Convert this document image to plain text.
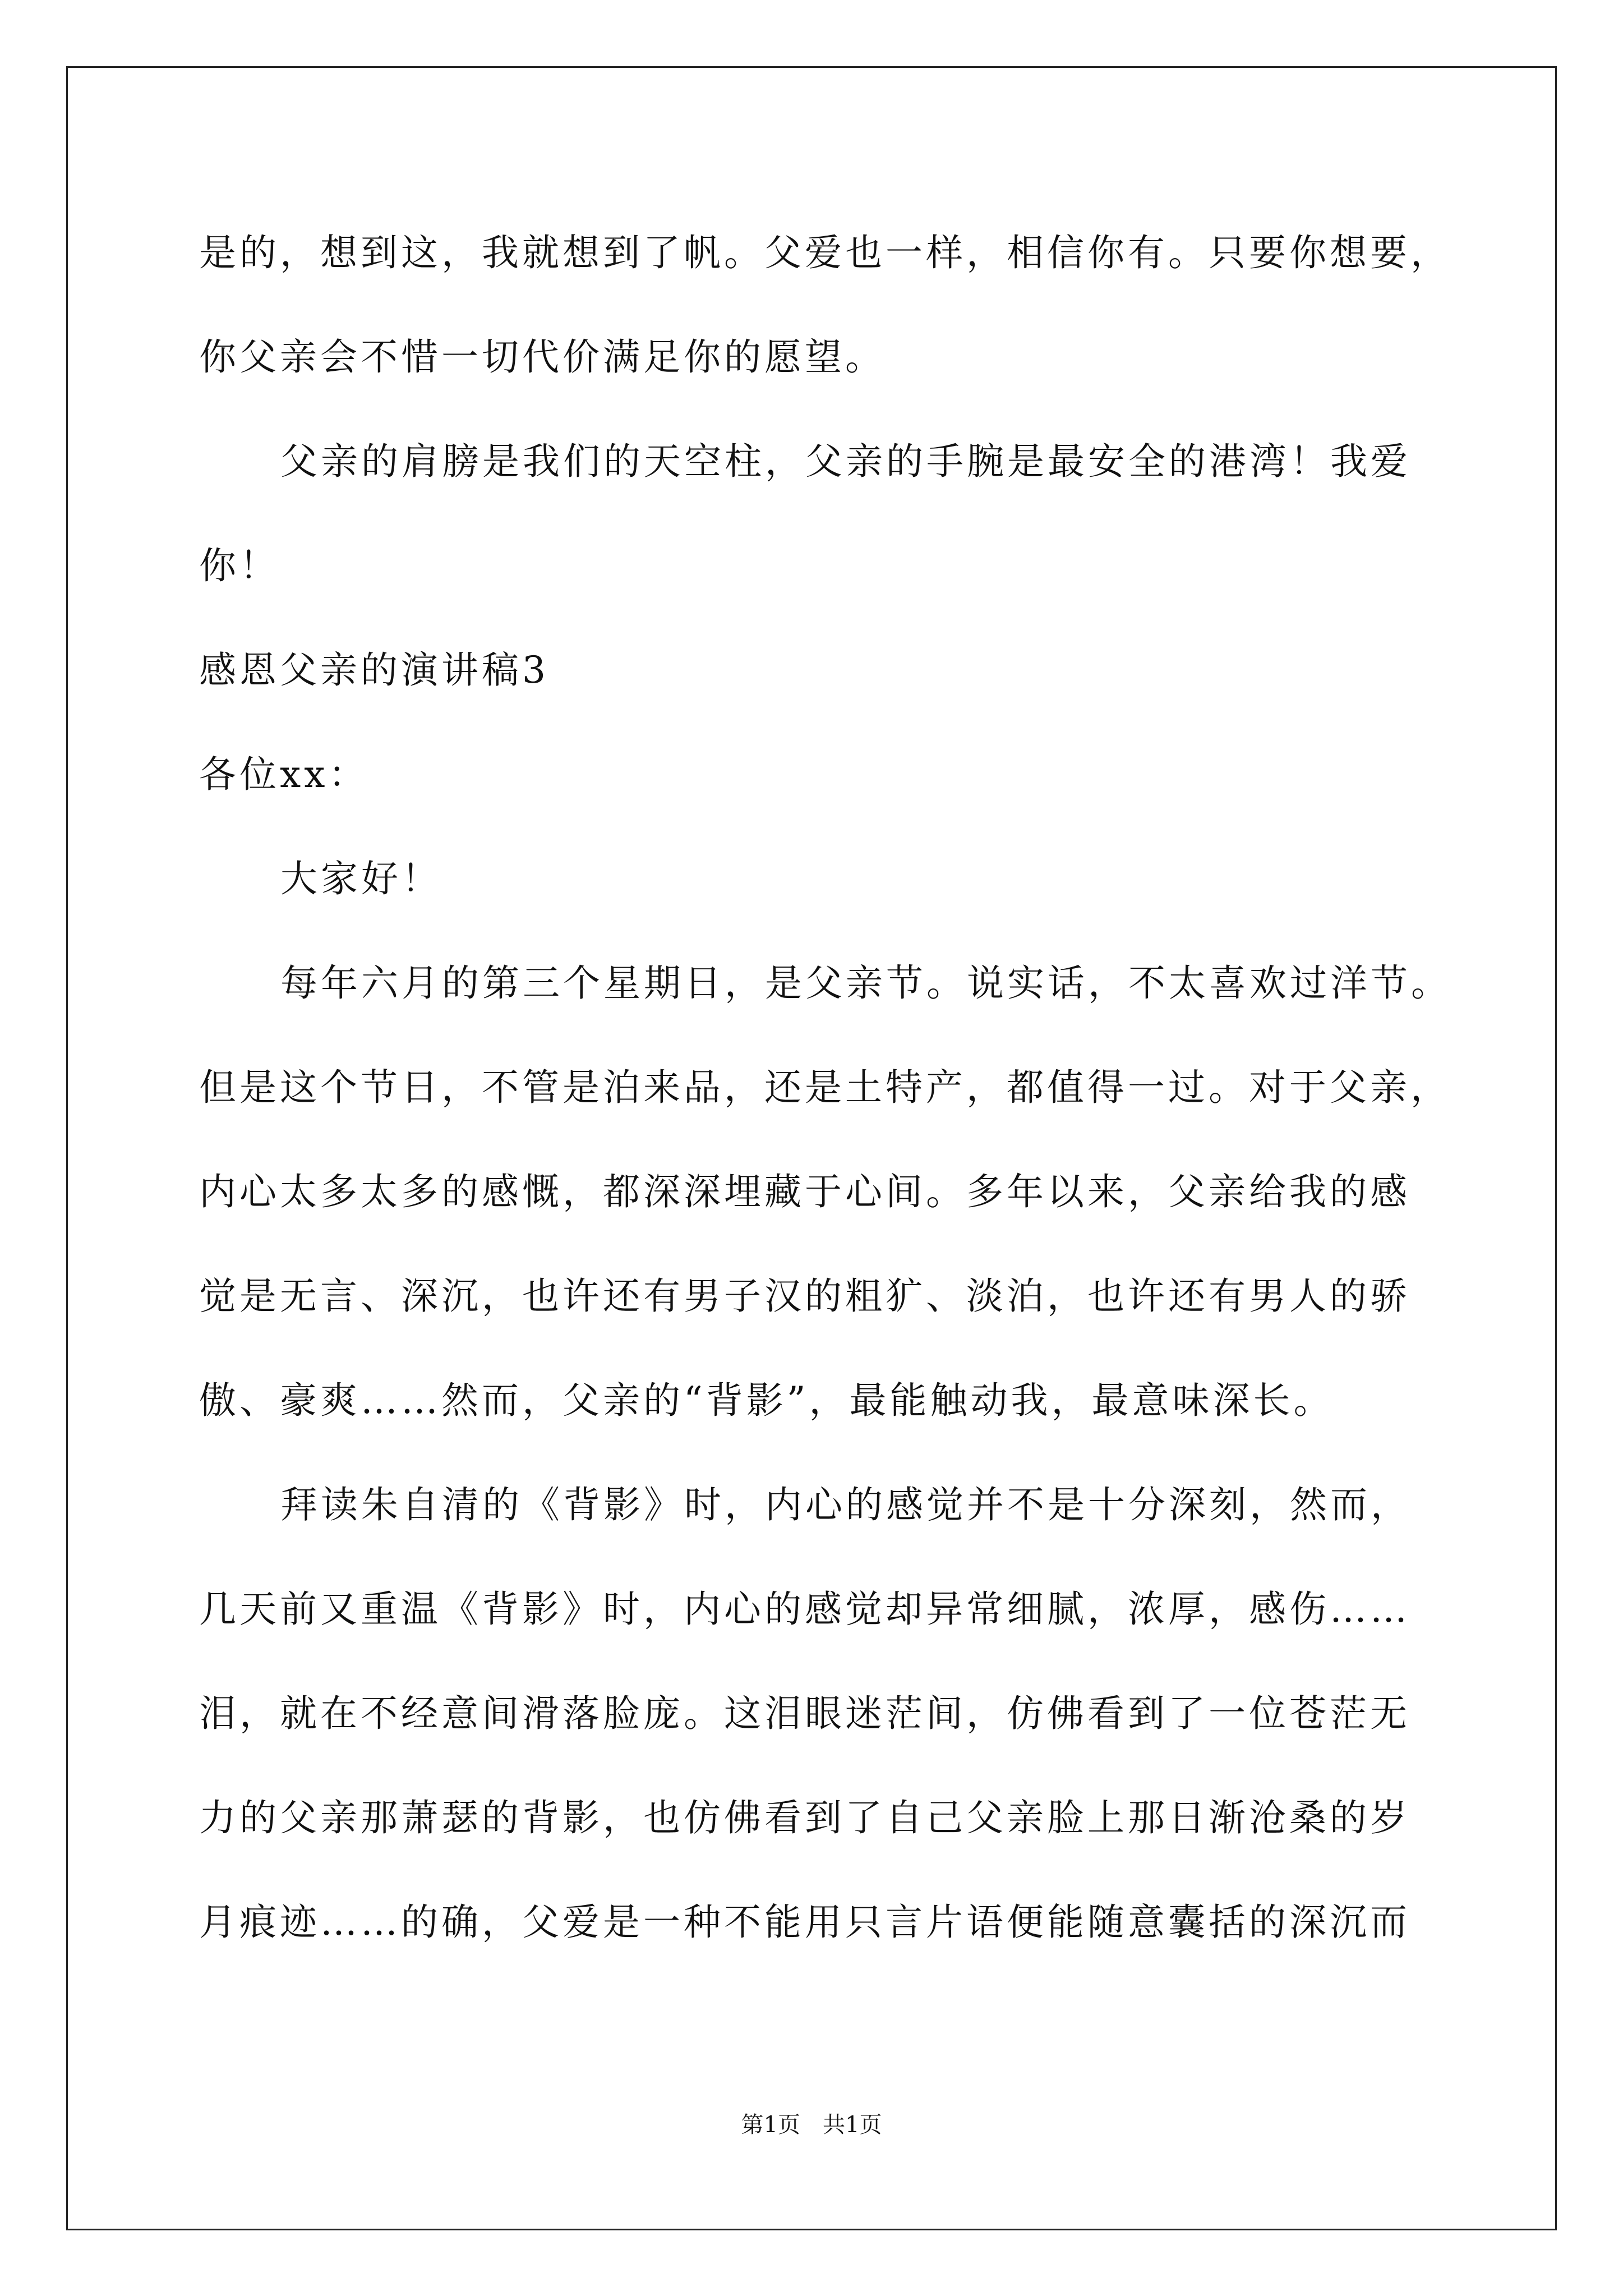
是的，想到这，我就想到了帆。父爱也一样，相信你有。只要你想要，
你父亲会不惜一切代价满足你的愿望。
父亲的肩膀是我们的天空柱，父亲的手腕是最安全的港湾！我爱
你！
感恩父亲的演讲稿3
各位xx：
大家好！
每年六月的第三个星期日，是父亲节。说实话，不太喜欢过洋节。
但是这个节日，不管是泊来品，还是土特产，都值得一过。对于父亲，
内心太多太多的感慨，都深深埋藏于心间。多年以来，父亲给我的感
觉是无言、深沉，也许还有男子汉的粗犷、淡泊，也许还有男人的骄
傲、豪爽……然而，父亲的“背影”，最能触动我，最意味深长。
拜读朱自清的《背影》时，内心的感觉并不是十分深刻，然而，
几天前又重温《背影》时，内心的感觉却异常细腻，浓厚，感伤……
泪，就在不经意间滑落脸庞。这泪眼迷茫间，仿佛看到了一位苍茫无
力的父亲那萧瑟的背影，也仿佛看到了自己父亲脸上那日渐沧桑的岁
月痕迹……的确，父爱是一种不能用只言片语便能随意囊括的深沉而
第1页　共1页
